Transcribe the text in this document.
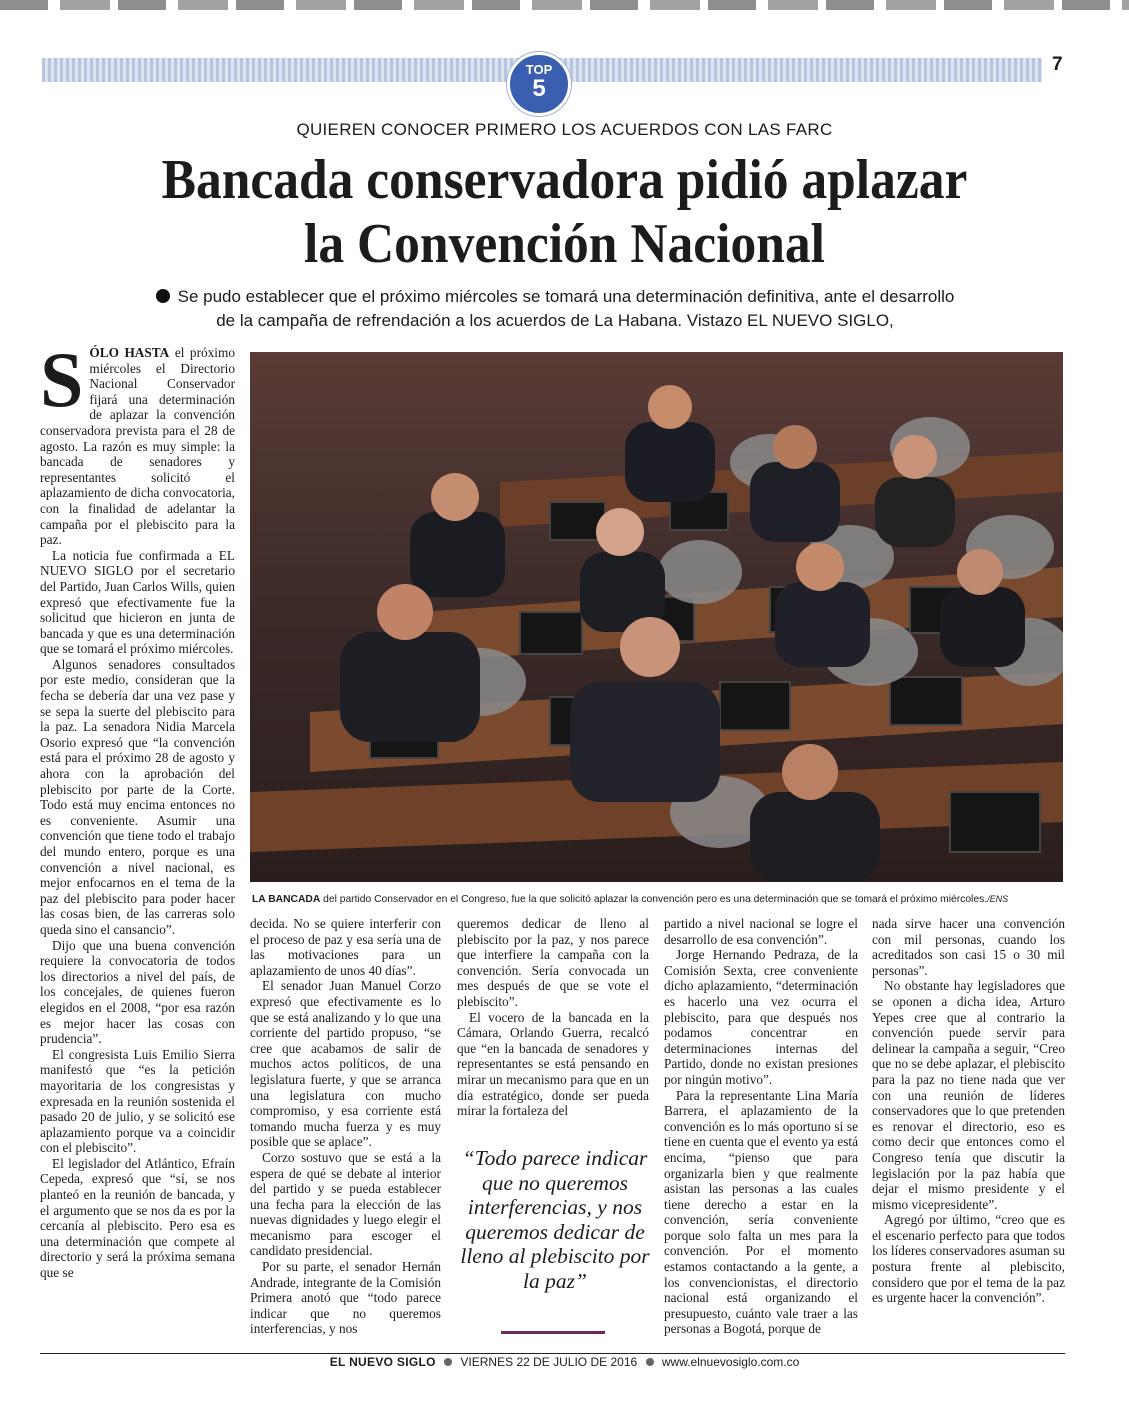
TOP
5
7
QUIEREN CONOCER PRIMERO LOS ACUERDOS CON LAS FARC
Bancada conservadora pidió aplazar
la Convención Nacional
Se pudo establecer que el próximo miércoles se tomará una determinación definitiva, ante el desarrollo
de la campaña de refrendación a los acuerdos de La Habana. Vistazo EL NUEVO SIGLO,
LA BANCADA del partido Conservador en el Congreso, fue la que solicitó aplazar la convención pero es una determinación que se tomará el próximo miércoles./ENS

SÓLO HASTA el próximo miércoles el Directorio Nacional Conservador fijará una determinación de aplazar la convención conservadora prevista para el 28 de agosto. La razón es muy simple: la bancada de senadores y representantes solicitó el aplazamiento de dicha convocatoria, con la finalidad de adelantar la campaña por el plebiscito para la paz.

La noticia fue confirmada a EL NUEVO SIGLO por el secretario del Partido, Juan Carlos Wills, quien expresó que efectivamente fue la solicitud que hicieron en junta de bancada y que es una determinación que se tomará el próximo miércoles.

Algunos senadores consultados por este medio, consideran que la fecha se debería dar una vez pase y se sepa la suerte del plebiscito para la paz. La senadora Nidia Marcela Osorio expresó que “la convención está para el próximo 28 de agosto y ahora con la aprobación del plebiscito por parte de la Corte. Todo está muy encima entonces no es conveniente. Asumir una convención que tiene todo el trabajo del mundo entero, porque es una convención a nivel nacional, es mejor enfocarnos en el tema de la paz del plebiscito para poder hacer las cosas bien, de las carreras solo queda sino el cansancio”.

Dijo que una buena convención requiere la convocatoria de todos los directorios a nivel del país, de los concejales, de quienes fueron elegidos en el 2008, “por esa razón es mejor hacer las cosas con prudencia”.

El congresista Luis Emilio Sierra manifestó que “es la petición mayoritaria de los congresistas y expresada en la reunión sostenida el pasado 20 de julio, y se solicitó ese aplazamiento porque va a coincidir con el plebiscito”.

El legislador del Atlántico, Efraín Cepeda, expresó que “sí, se nos planteó en la reunión de bancada, y el argumento que se nos da es por la cercanía al plebiscito. Pero esa es una determinación que compete al directorio y será la próxima semana que se

decida. No se quiere interferir con el proceso de paz y esa sería una de las motivaciones para un aplazamiento de unos 40 días”.

El senador Juan Manuel Corzo expresó que efectivamente es lo que se está analizando y lo que una corriente del partido propuso, “se cree que acabamos de salir de muchos actos políticos, de una legislatura fuerte, y que se arranca una legislatura con mucho compromiso, y esa corriente está tomando mucha fuerza y es muy posible que se aplace”.

Corzo sostuvo que se está a la espera de qué se debate al interior del partido y se pueda establecer una fecha para la elección de las nuevas dignidades y luego elegir el mecanismo para escoger el candidato presidencial.

Por su parte, el senador Hernán Andrade, integrante de la Comisión Primera anotó que “todo parece indicar que no queremos interferencias, y nos

queremos dedicar de lleno al plebiscito por la paz, y nos parece que interfiere la campaña con la convención. Sería convocada un mes después de que se vote el plebiscito”.

El vocero de la bancada en la Cámara, Orlando Guerra, recalcó que “en la bancada de senadores y representantes se está pensando en mirar un mecanismo para que en un día estratégico, donde ser pueda mirar la fortaleza del

“Todo parece indicar que no queremos interferencias, y nos queremos dedicar de lleno al plebiscito por la paz”

partido a nivel nacional se logre el desarrollo de esa convención”.

Jorge Hernando Pedraza, de la Comisión Sexta, cree conveniente dicho aplazamiento, “determinación es hacerlo una vez ocurra el plebiscito, para que después nos podamos concentrar en determinaciones internas del Partido, donde no existan presiones por ningún motivo”.

Para la representante Lina María Barrera, el aplazamiento de la convención es lo más oportuno si se tiene en cuenta que el evento ya está encima, “pienso que para organizarla bien y que realmente asistan las personas a las cuales tiene derecho a estar en la convención, sería conveniente porque solo falta un mes para la convención. Por el momento estamos contactando a la gente, a los convencionistas, el directorio nacional está organizando el presupuesto, cuánto vale traer a las personas a Bogotá, porque de

nada sirve hacer una convención con mil personas, cuando los acreditados son casi 15 o 30 mil personas”.

No obstante hay legisladores que se oponen a dicha idea, Arturo Yepes cree que al contrario la convención puede servir para delinear la campaña a seguir, “Creo que no se debe aplazar, el plebiscito para la paz no tiene nada que ver con una reunión de líderes conservadores que lo que pretenden es renovar el directorio, eso es como decir que entonces como el Congreso tenía que discutir la legislación por la paz había que dejar el mismo presidente y el mismo vicepresidente”.

Agregó por último, “creo que es el escenario perfecto para que todos los líderes conservadores asuman su postura frente al plebiscito, considero que por el tema de la paz es urgente hacer la convención”.

EL NUEVO SIGLO VIERNES 22 DE JULIO DE 2016 www.elnuevosiglo.com.co
